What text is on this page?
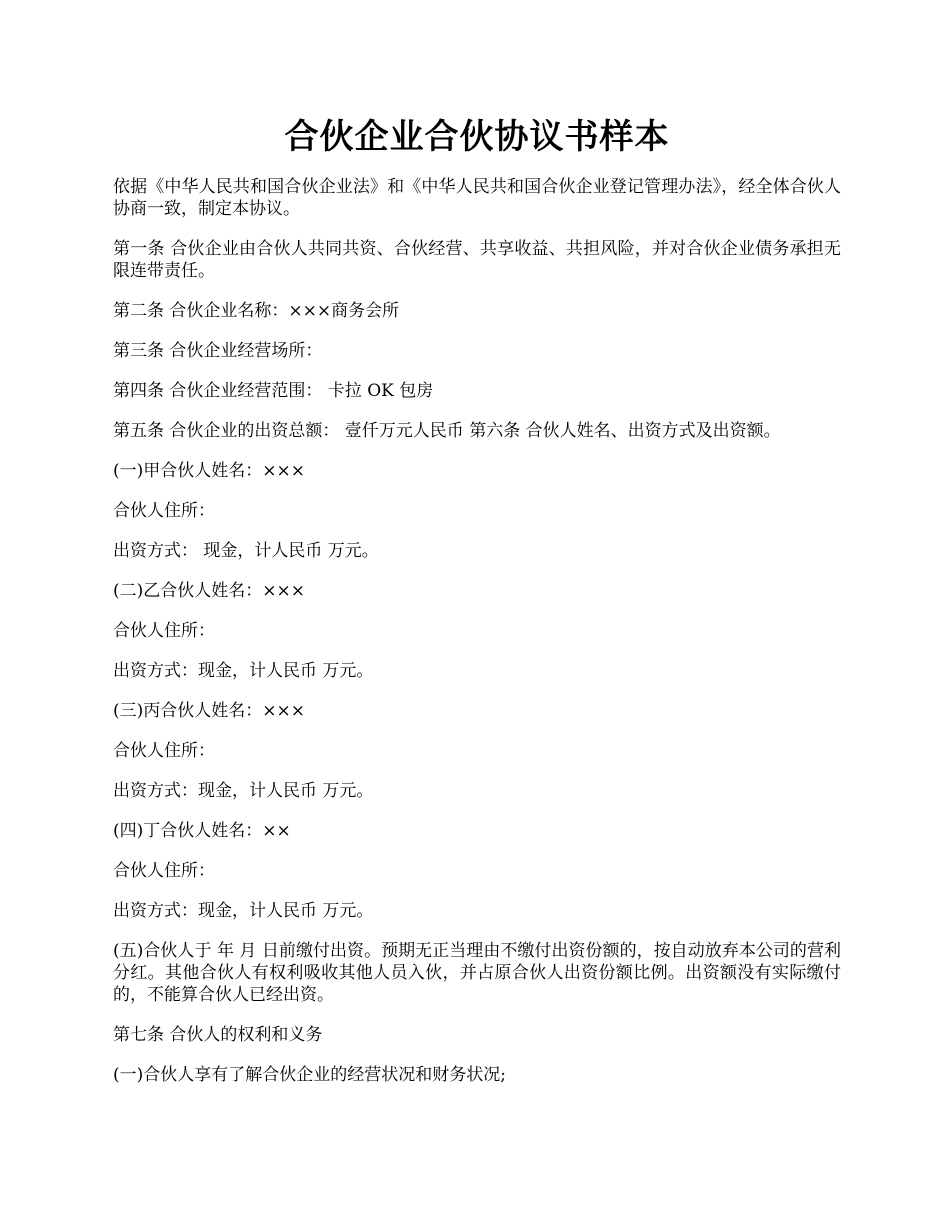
合伙企业合伙协议书样本

依据《中华人民共和国合伙企业法》和《中华人民共和国合伙企业登记管理办法》，经全体合伙人协商一致，制定本协议。

第一条 合伙企业由合伙人共同共资、合伙经营、共享收益、共担风险，并对合伙企业债务承担无限连带责任。

第二条 合伙企业名称：×××商务会所

第三条 合伙企业经营场所：

第四条 合伙企业经营范围： 卡拉 OK 包房

第五条 合伙企业的出资总额： 壹仟万元人民币 第六条 合伙人姓名、出资方式及出资额。

(一)甲合伙人姓名：×××

合伙人住所：

出资方式： 现金，计人民币 万元。

(二)乙合伙人姓名：×××

合伙人住所：

出资方式：现金，计人民币 万元。

(三)丙合伙人姓名：×××

合伙人住所：

出资方式：现金，计人民币 万元。

(四)丁合伙人姓名：××

合伙人住所：

出资方式：现金，计人民币 万元。

(五)合伙人于 年 月 日前缴付出资。预期无正当理由不缴付出资份额的，按自动放弃本公司的营利分红。其他合伙人有权利吸收其他人员入伙，并占原合伙人出资份额比例。出资额没有实际缴付的，不能算合伙人已经出资。

第七条 合伙人的权利和义务

(一)合伙人享有了解合伙企业的经营状况和财务状况;
